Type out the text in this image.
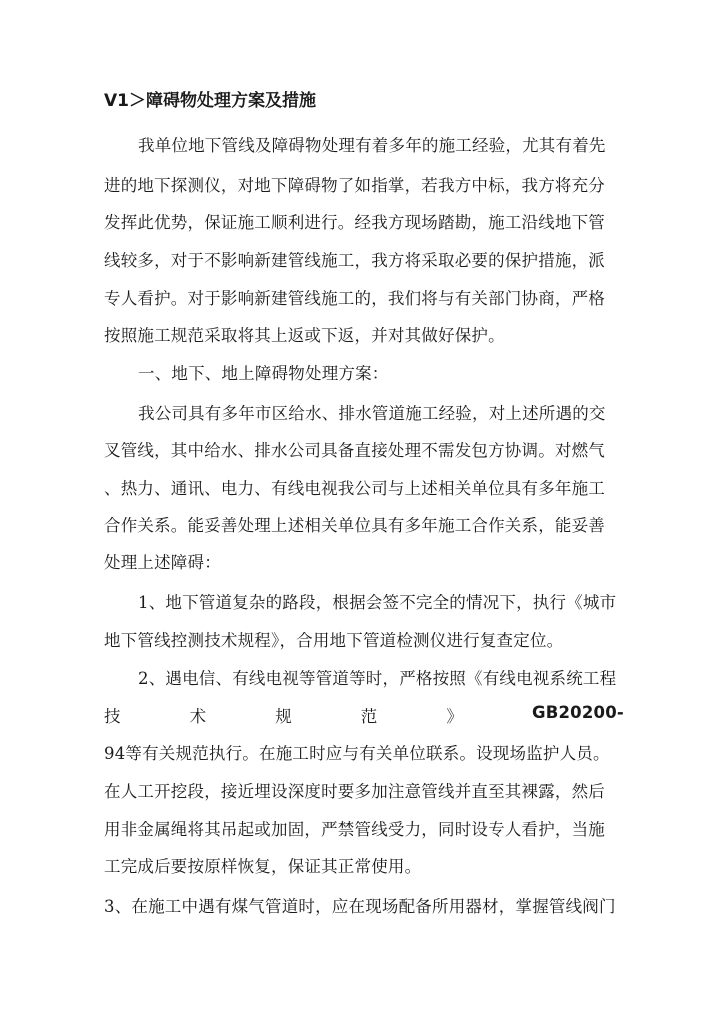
V1＞障碍物处理方案及措施
我单位地下管线及障碍物处理有着多年的施工经验，尤其有着先
进的地下探测仪，对地下障碍物了如指掌，若我方中标，我方将充分
发挥此优势，保证施工顺利进行。经我方现场踏勘，施工沿线地下管
线较多，对于不影响新建管线施工，我方将采取必要的保护措施，派
专人看护。对于影响新建管线施工的，我们将与有关部门协商，严格
按照施工规范采取将其上返或下返，并对其做好保护。
一、地下、地上障碍物处理方案：
我公司具有多年市区给水、排水管道施工经验，对上述所遇的交
叉管线，其中给水、排水公司具备直接处理不需发包方协调。对燃气
、热力、通讯、电力、有线电视我公司与上述相关单位具有多年施工
合作关系。能妥善处理上述相关单位具有多年施工合作关系，能妥善
处理上述障碍：
1、地下管道复杂的路段，根据会签不完全的情况下，执行《城市
地下管线控测技术规程》，合用地下管道检测仪进行复查定位。
2、遇电信、有线电视等管道等时，严格按照《有线电视系统工程
技	术	规	范	》	GB20200-
94等有关规范执行。在施工时应与有关单位联系。设现场监护人员。
在人工开挖段，接近埋设深度时要多加注意管线并直至其裸露，然后
用非金属绳将其吊起或加固，严禁管线受力，同时设专人看护，当施
工完成后要按原样恢复，保证其正常使用。
3、在施工中遇有煤气管道时，应在现场配备所用器材，掌握管线阀门
